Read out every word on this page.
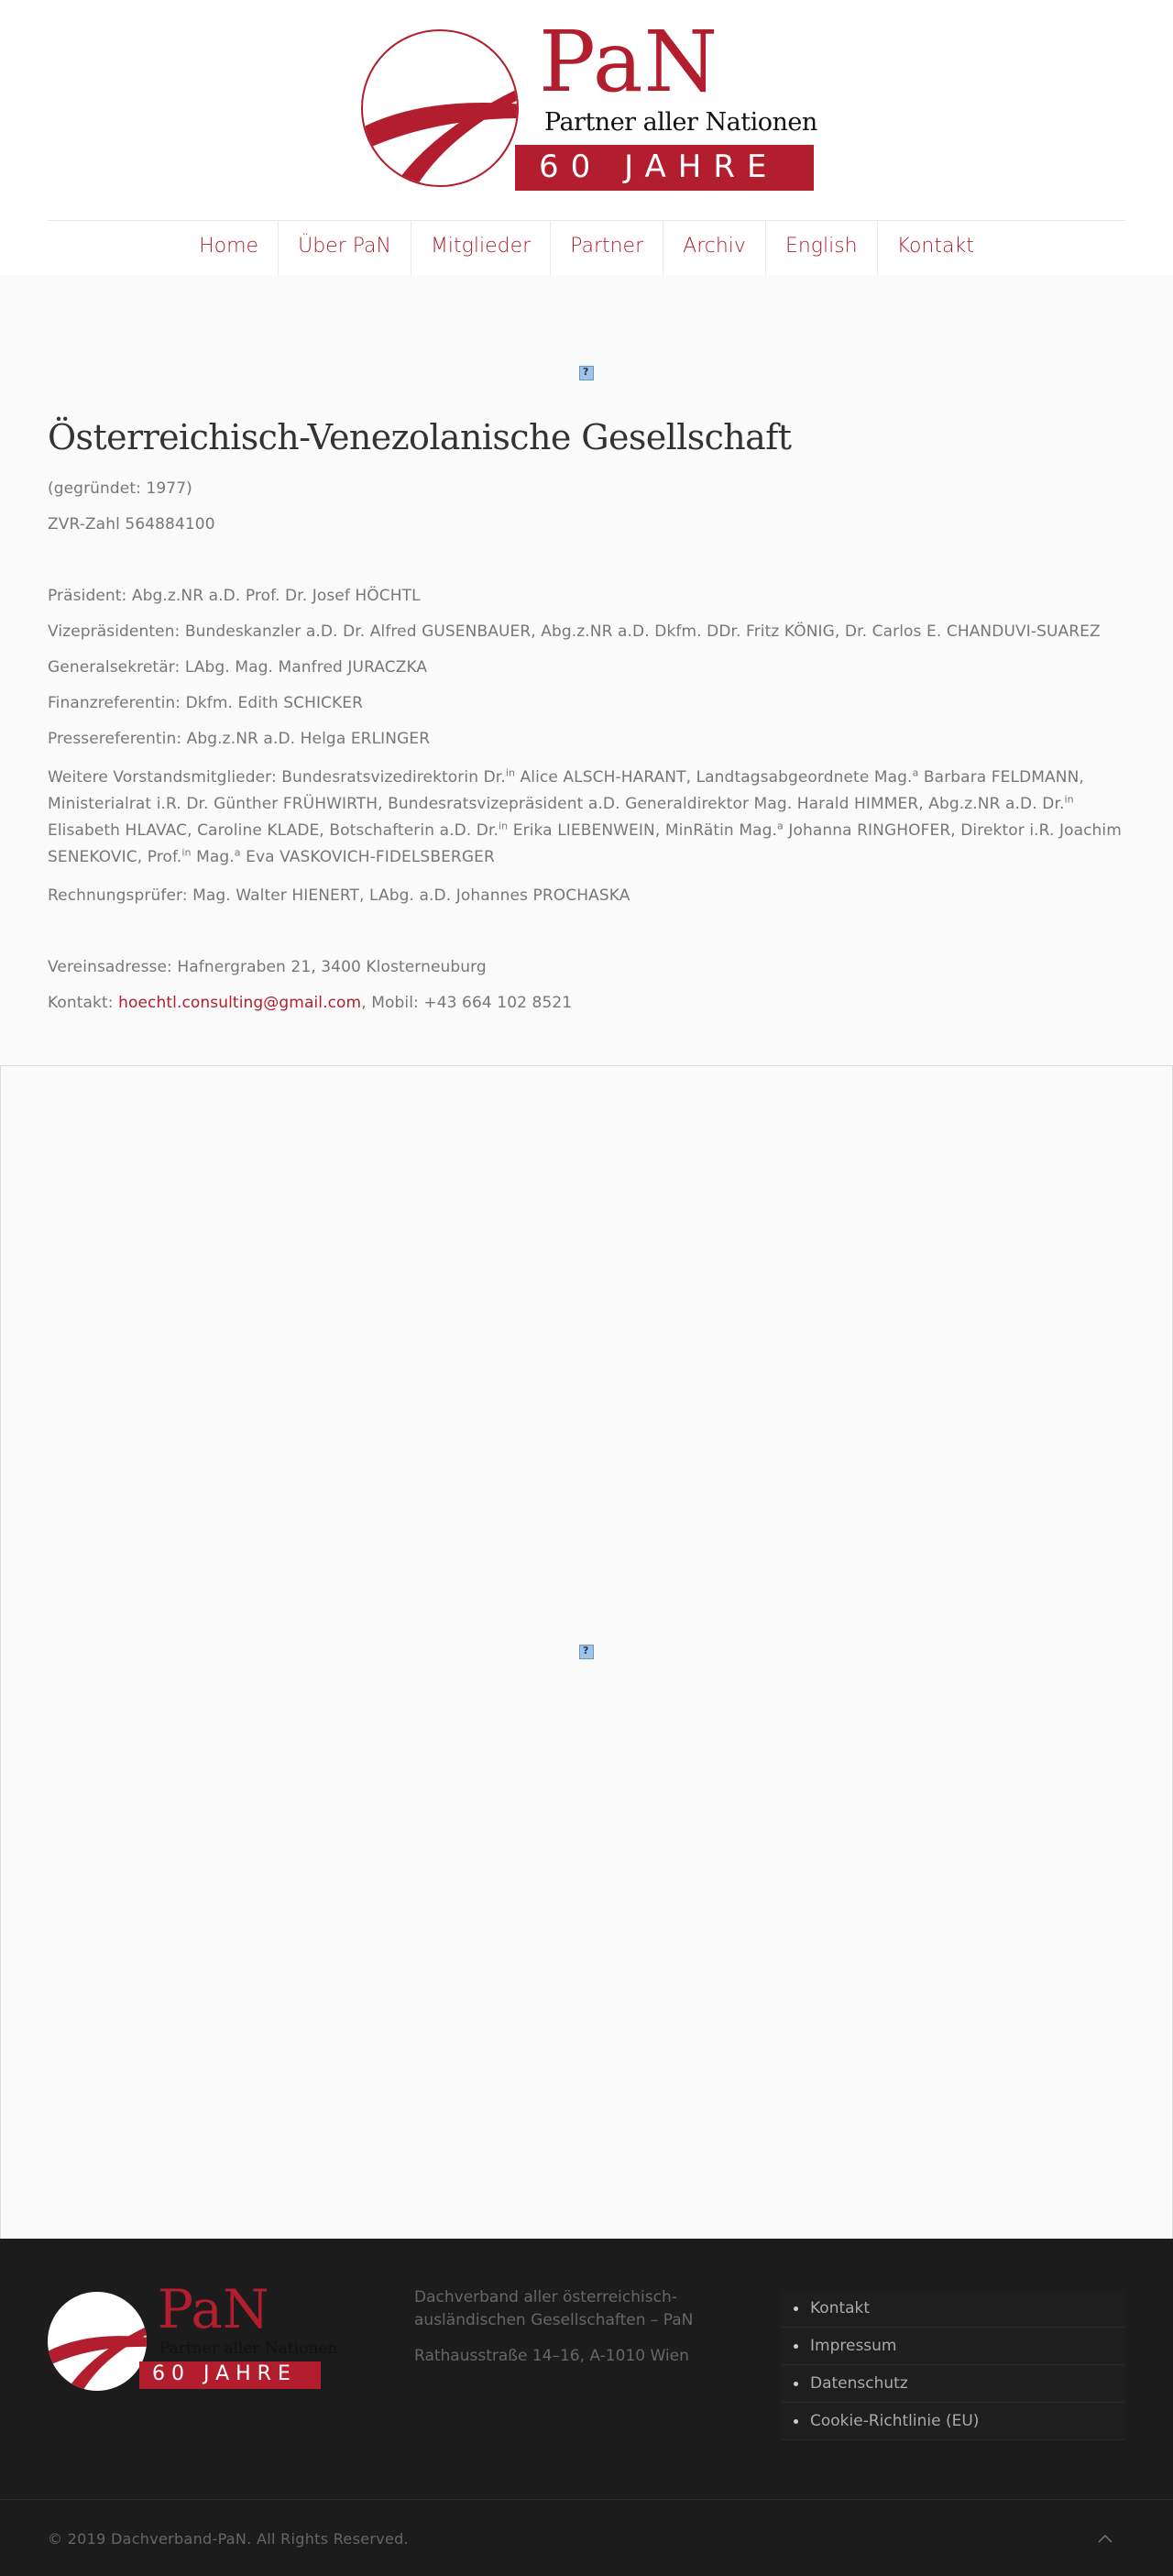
PaN
Partner aller Nationen
60 JAHRE
Home Über PaN Mitglieder Partner Archiv English Kontakt
?
Österreichisch-Venezolanische Gesellschaft
(gegründet: 1977)
ZVR-Zahl 564884100
Präsident: Abg.z.NR a.D. Prof. Dr. Josef HÖCHTL
Vizepräsidenten: Bundeskanzler a.D. Dr. Alfred GUSENBAUER, Abg.z.NR a.D. Dkfm. DDr. Fritz KÖNIG, Dr. Carlos E. CHANDUVI-SUAREZ
Generalsekretär: LAbg. Mag. Manfred JURACZKA
Finanzreferentin: Dkfm. Edith SCHICKER
Pressereferentin: Abg.z.NR a.D. Helga ERLINGER
Weitere Vorstandsmitglieder: Bundesratsvizedirektorin Dr.$^{in}$ Alice ALSCH-HARANT, Landtagsabgeordnete Mag.$^a$ Barbara FELDMANN, Ministerialrat i.R. Dr. Günther FRÜHWIRTH, Bundesratsvizepräsident a.D. Generaldirektor Mag. Harald HIMMER, Abg.z.NR a.D. Dr.$^{in}$ Elisabeth HLAVAC, Caroline KLADE, Botschafterin a.D. Dr.$^{in}$ Erika LIEBENWEIN, MinRätin Mag.$^a$ Johanna RINGHOFER, Direktor i.R. Joachim SENEKOVIC, Prof.$^{in}$ Mag.$^a$ Eva VASKOVICH-FIDELSBERGER
Rechnungsprüfer: Mag. Walter HIENERT, LAbg. a.D. Johannes PROCHASKA
Vereinsadresse: Hafnergraben 21, 3400 Klosterneuburg
Kontakt: hoechtl.consulting@gmail.com, Mobil: +43 664 102 8521
?
PaN
Partner aller Nationen
60 JAHRE
Dachverband aller österreichisch-ausländischen Gesellschaften – PaN
Rathausstraße 14–16, A-1010 Wien
Kontakt
Impressum
Datenschutz
Cookie-Richtlinie (EU)
© 2019 Dachverband-PaN. All Rights Reserved.
